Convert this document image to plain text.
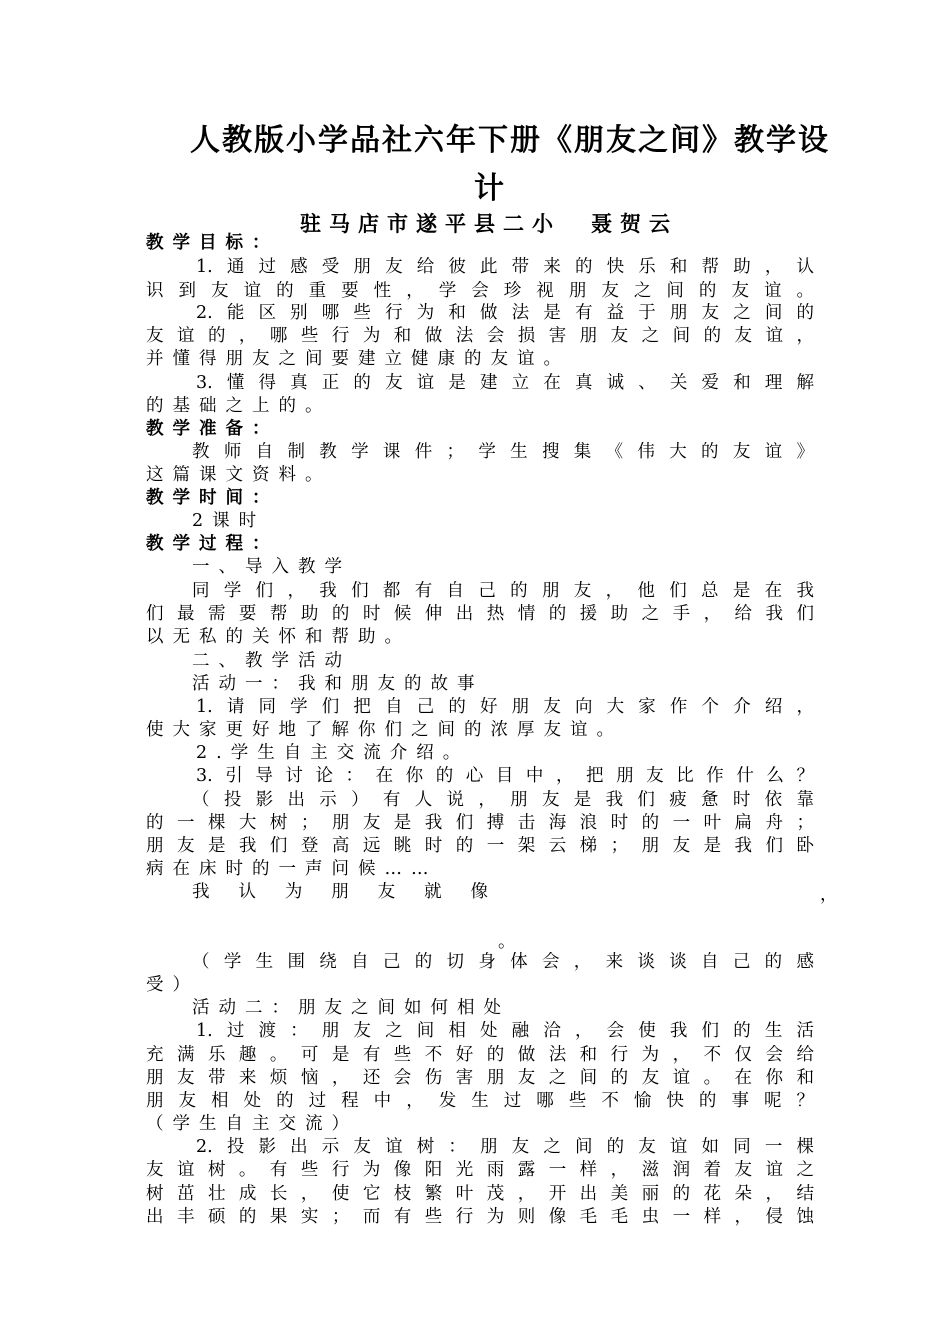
人教版小学品社六年下册《朋友之间》教学设
计
驻马店市遂平县二小 聂贺云
教学目标：
1.通过感受朋友给彼此带来的快乐和帮助，认
识到友谊的重要性，学会珍视朋友之间的友谊。
2.能区别哪些行为和做法是有益于朋友之间的
友谊的，哪些行为和做法会损害朋友之间的友谊，
并懂得朋友之间要建立健康的友谊。
3.懂得真正的友谊是建立在真诚、关爱和理解
的基础之上的。
教学准备：
教师自制教学课件；学生搜集《伟大的友谊》
这篇课文资料。
教学时间：
2课时
教学过程：
一、导入教学
同学们，我们都有自己的朋友，他们总是在我
们最需要帮助的时候伸出热情的援助之手，给我们
以无私的关怀和帮助。
二、教学活动
活动一：我和朋友的故事
1.请同学们把自己的好朋友向大家作个介绍，
使大家更好地了解你们之间的浓厚友谊。
2.学生自主交流介绍。
3.引导讨论：在你的心目中，把朋友比作什么？
（投影出示）有人说，朋友是我们疲惫时依靠
的一棵大树；朋友是我们搏击海浪时的一叶扁舟；
朋友是我们登高远眺时的一架云梯；朋友是我们卧
病在床时的一声问候……
我认为朋友就像	，
。
（学生围绕自己的切身体会，来谈谈自己的感
受）
活动二：朋友之间如何相处
1.过渡：朋友之间相处融洽，会使我们的生活
充满乐趣。可是有些不好的做法和行为，不仅会给
朋友带来烦恼，还会伤害朋友之间的友谊。在你和
朋友相处的过程中，发生过哪些不愉快的事呢？
（学生自主交流）
2.投影出示友谊树：朋友之间的友谊如同一棵
友谊树。有些行为像阳光雨露一样，滋润着友谊之
树茁壮成长，使它枝繁叶茂，开出美丽的花朵，结
出丰硕的果实；而有些行为则像毛毛虫一样，侵蚀
